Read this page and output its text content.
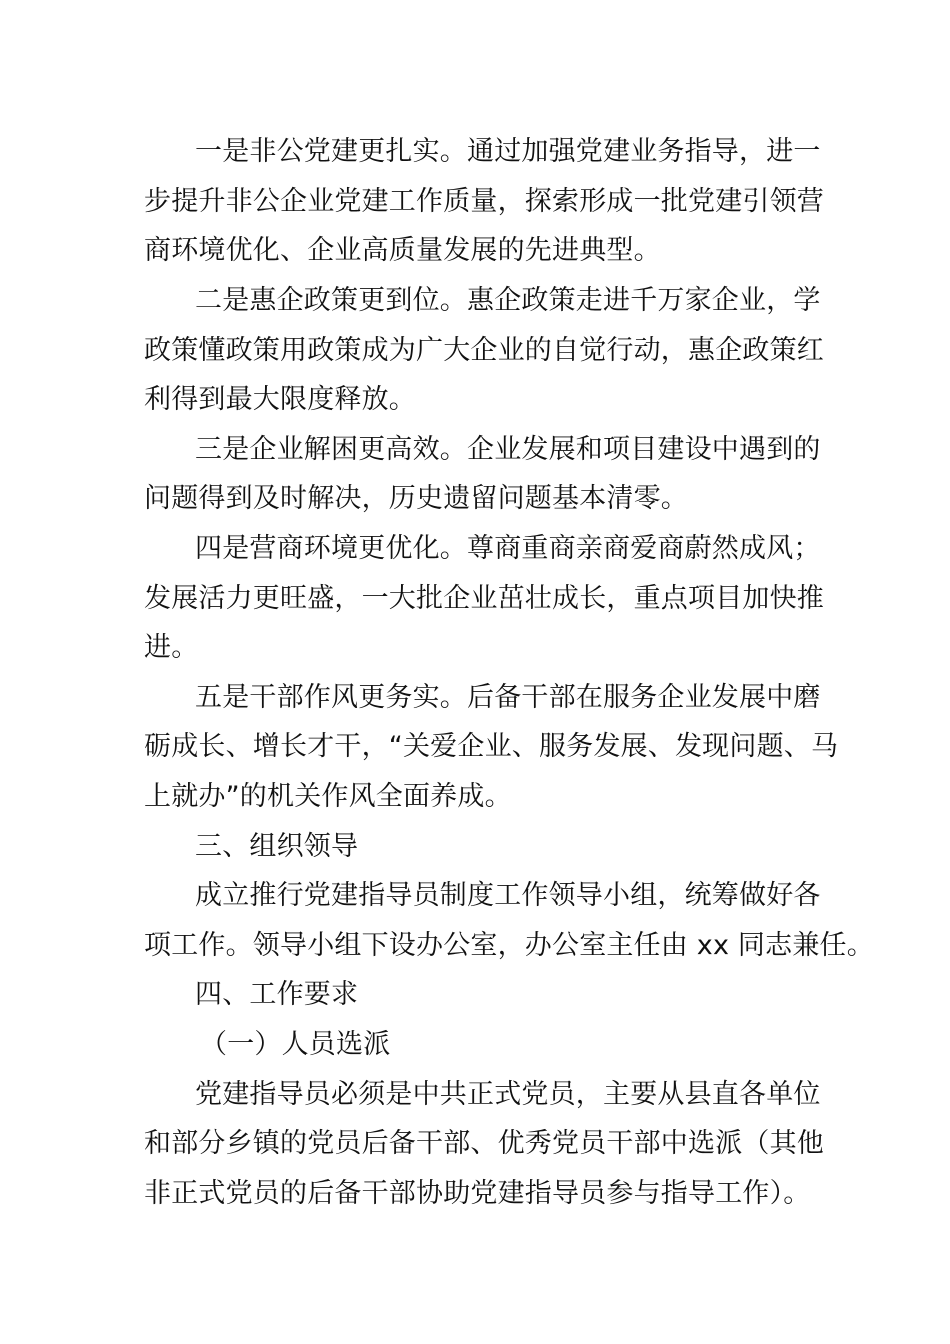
一是非公党建更扎实。通过加强党建业务指导，进一
步提升非公企业党建工作质量，探索形成一批党建引领营
商环境优化、企业高质量发展的先进典型。
二是惠企政策更到位。惠企政策走进千万家企业，学
政策懂政策用政策成为广大企业的自觉行动，惠企政策红
利得到最大限度释放。
三是企业解困更高效。企业发展和项目建设中遇到的
问题得到及时解决，历史遗留问题基本清零。
四是营商环境更优化。尊商重商亲商爱商蔚然成风；
发展活力更旺盛，一大批企业茁壮成长，重点项目加快推
进。
五是干部作风更务实。后备干部在服务企业发展中磨
砺成长、增长才干，“关爱企业、服务发展、发现问题、马
上就办”的机关作风全面养成。
三、组织领导
成立推行党建指导员制度工作领导小组，统筹做好各
项工作。领导小组下设办公室，办公室主任由 xx 同志兼任。
四、工作要求
（一）人员选派
党建指导员必须是中共正式党员，主要从县直各单位
和部分乡镇的党员后备干部、优秀党员干部中选派（其他
非正式党员的后备干部协助党建指导员参与指导工作）。
